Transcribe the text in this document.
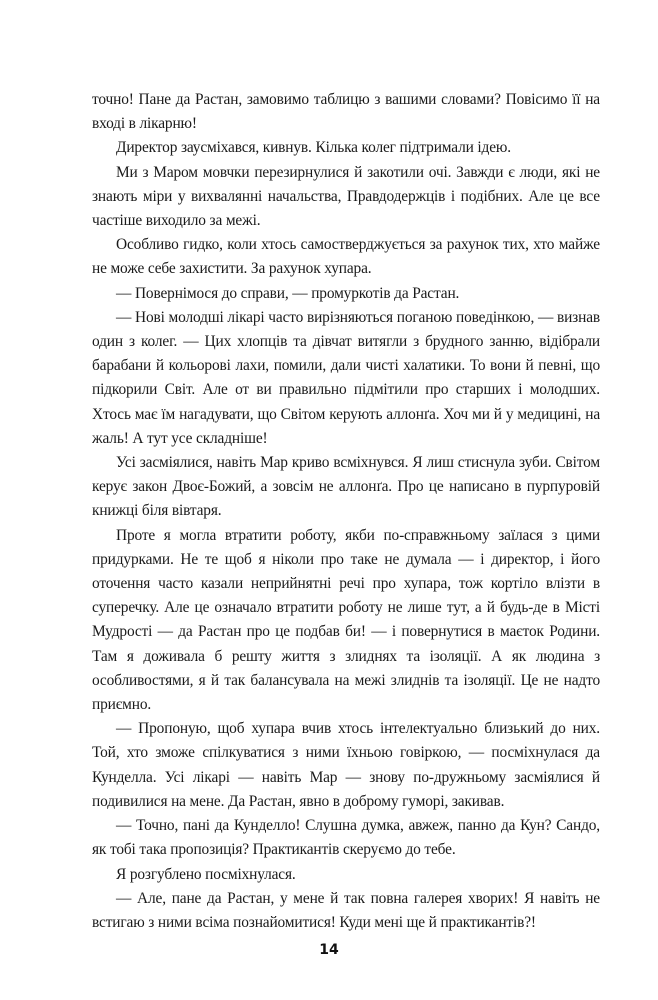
точно! Пане да Растан, замовимо таблицю з вашими словами? Повісимо її на вході в лікарню!

Директор заусміхався, кивнув. Кілька колег підтримали ідею.

Ми з Маром мовчки перезирнулися й закотили очі. Завжди є люди, які не знають міри у вихвалянні начальства, Правдодержців і подібних. Але це все частіше виходило за межі.

Особливо гидко, коли хтось самостверджується за рахунок тих, хто майже не може себе захистити. За рахунок хупара.

— Повернімося до справи, — промуркотів да Растан.

— Нові молодші лікарі часто вирізняються поганою поведінкою, — визнав один з колег. — Цих хлопців та дівчат витягли з брудного занню, відібрали барабани й кольорові лахи, помили, дали чисті халатики. То вони й певні, що підкорили Світ. Але от ви правильно підмітили про старших і молодших. Хтось має їм нагадувати, що Світом керують аллонґа. Хоч ми й у медицині, на жаль! А тут усе складніше!

Усі засміялися, навіть Мар криво всміхнувся. Я лиш стиснула зуби. Світом керує закон Двоє-Божий, а зовсім не аллонґа. Про це написано в пурпуровій книжці біля вівтаря.

Проте я могла втратити роботу, якби по-справжньому заїлася з цими придурками. Не те щоб я ніколи про таке не думала — і директор, і його оточення часто казали неприйнятні речі про хупара, тож кортіло влізти в суперечку. Але це означало втратити роботу не лише тут, а й будь-де в Місті Мудрості — да Растан про це подбав би! — і повернутися в маєток Родини. Там я доживала б решту життя з злиднях та ізоляції. А як людина з особливостями, я й так балансувала на межі злиднів та ізоляції. Це не надто приємно.

— Пропоную, щоб хупара вчив хтось інтелектуально близький до них. Той, хто зможе спілкуватися з ними їхньою говіркою, — посміхнулася да Кунделла. Усі лікарі — навіть Мар — знову по-дружньому засміялися й подивилися на мене. Да Растан, явно в доброму гуморі, закивав.

— Точно, пані да Кунделло! Слушна думка, авжеж, панно да Кун? Сандо, як тобі така пропозиція? Практикантів скеруємо до тебе.

Я розгублено посміхнулася.

— Але, пане да Растан, у мене й так повна галерея хворих! Я навіть не встигаю з ними всіма познайомитися! Куди мені ще й практикантів?!

14
